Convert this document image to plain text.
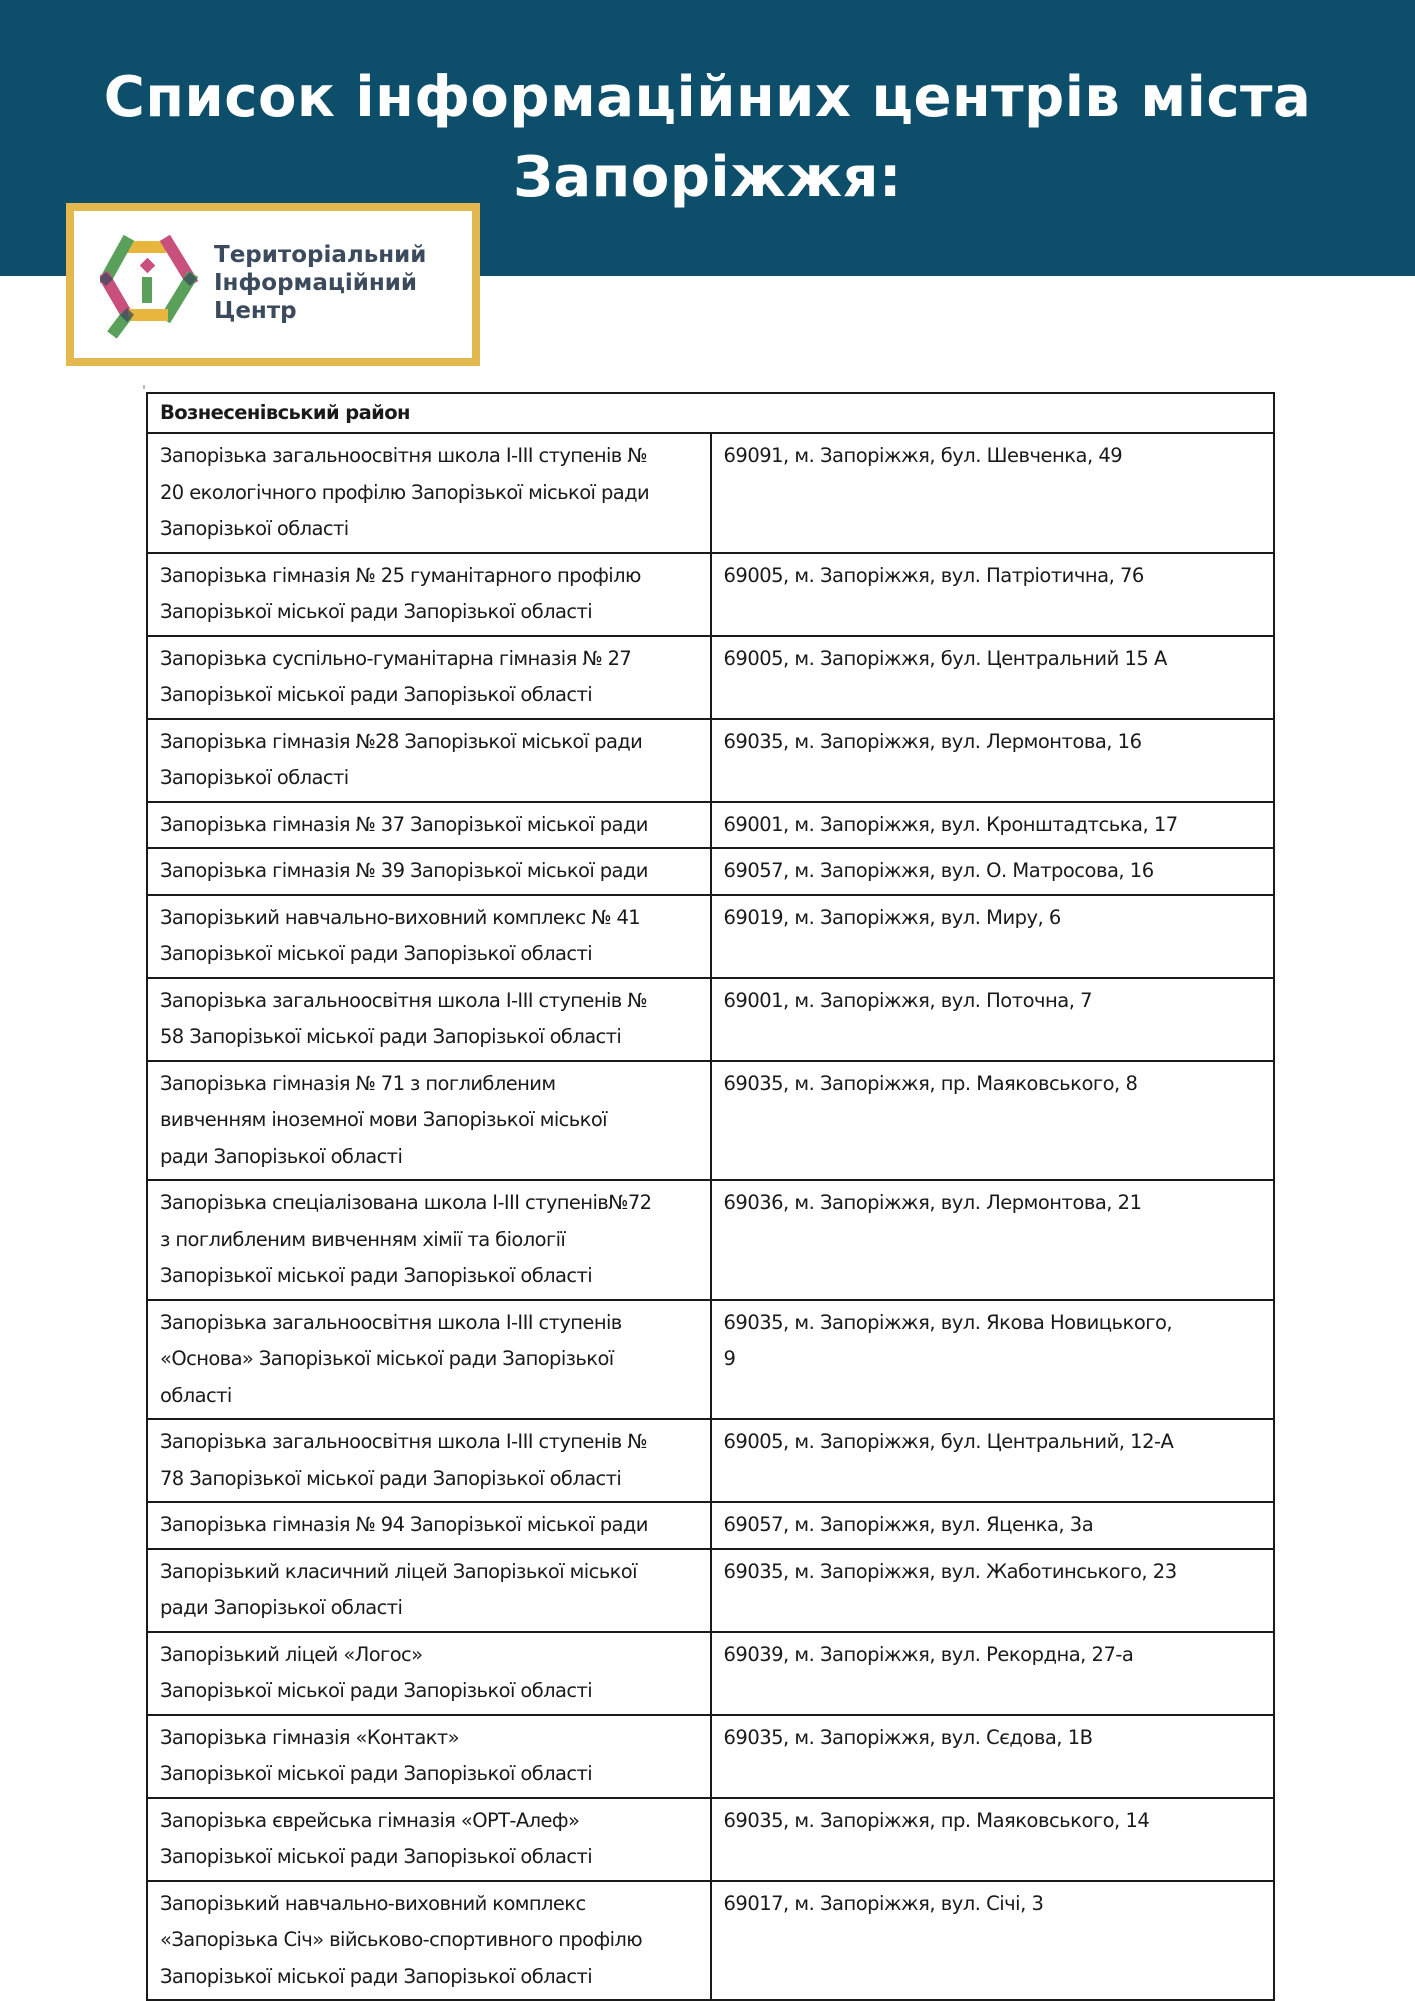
Список інформаційних центрів міста
Запоріжжя:
Територіальний
Інформаційний
Центр
Вознесенівський район	

Запорізька загальноосвітня школа І-ІІІ ступенів №
20 екологічного профілю Запорізької міської ради
Запорізької області	69091, м. Запоріжжя, бул. Шевченка, 49

Запорізька гімназія № 25 гуманітарного профілю
Запорізької міської ради Запорізької області	69005, м. Запоріжжя, вул. Патріотична, 76

Запорізька суспільно-гуманітарна гімназія № 27
Запорізької міської ради Запорізької області	69005, м. Запоріжжя, бул. Центральний 15 А

Запорізька гімназія №28 Запорізької міської ради
Запорізької області	69035, м. Запоріжжя, вул. Лермонтова, 16

Запорізька гімназія № 37 Запорізької міської ради	69001, м. Запоріжжя, вул. Кронштадтська, 17

Запорізька гімназія № 39 Запорізької міської ради	69057, м. Запоріжжя, вул. О. Матросова, 16

Запорізький навчально-виховний комплекс № 41
Запорізької міської ради Запорізької області	69019, м. Запоріжжя, вул. Миру, 6

Запорізька загальноосвітня школа І-ІІІ ступенів №
58 Запорізької міської ради Запорізької області	69001, м. Запоріжжя, вул. Поточна, 7

Запорізька гімназія № 71 з поглибленим
вивченням іноземної мови Запорізької міської
ради Запорізької області	69035, м. Запоріжжя, пр. Маяковського, 8

Запорізька спеціалізована школа І-ІІІ ступенів№72
з поглибленим вивченням хімії та біології
Запорізької міської ради Запорізької області	69036, м. Запоріжжя, вул. Лермонтова, 21

Запорізька загальноосвітня школа І-ІІІ ступенів
«Основа» Запорізької міської ради Запорізької
області	69035, м. Запоріжжя, вул. Якова Новицького,
9

Запорізька загальноосвітня школа І-ІІІ ступенів №
78 Запорізької міської ради Запорізької області	69005, м. Запоріжжя, бул. Центральний, 12-А

Запорізька гімназія № 94 Запорізької міської ради	69057, м. Запоріжжя, вул. Яценка, 3а

Запорізький класичний ліцей Запорізької міської
ради Запорізької області	69035, м. Запоріжжя, вул. Жаботинського, 23

Запорізький ліцей «Логос»
Запорізької міської ради Запорізької області	69039, м. Запоріжжя, вул. Рекордна, 27-а

Запорізька гімназія «Контакт»
Запорізької міської ради Запорізької області	69035, м. Запоріжжя, вул. Сєдова, 1В

Запорізька єврейська гімназія «ОРТ-Алеф»
Запорізької міської ради Запорізької області	69035, м. Запоріжжя, пр. Маяковського, 14

Запорізький навчально-виховний комплекс
«Запорізька Січ» військово-спортивного профілю
Запорізької міської ради Запорізької області	69017, м. Запоріжжя, вул. Січі, 3
